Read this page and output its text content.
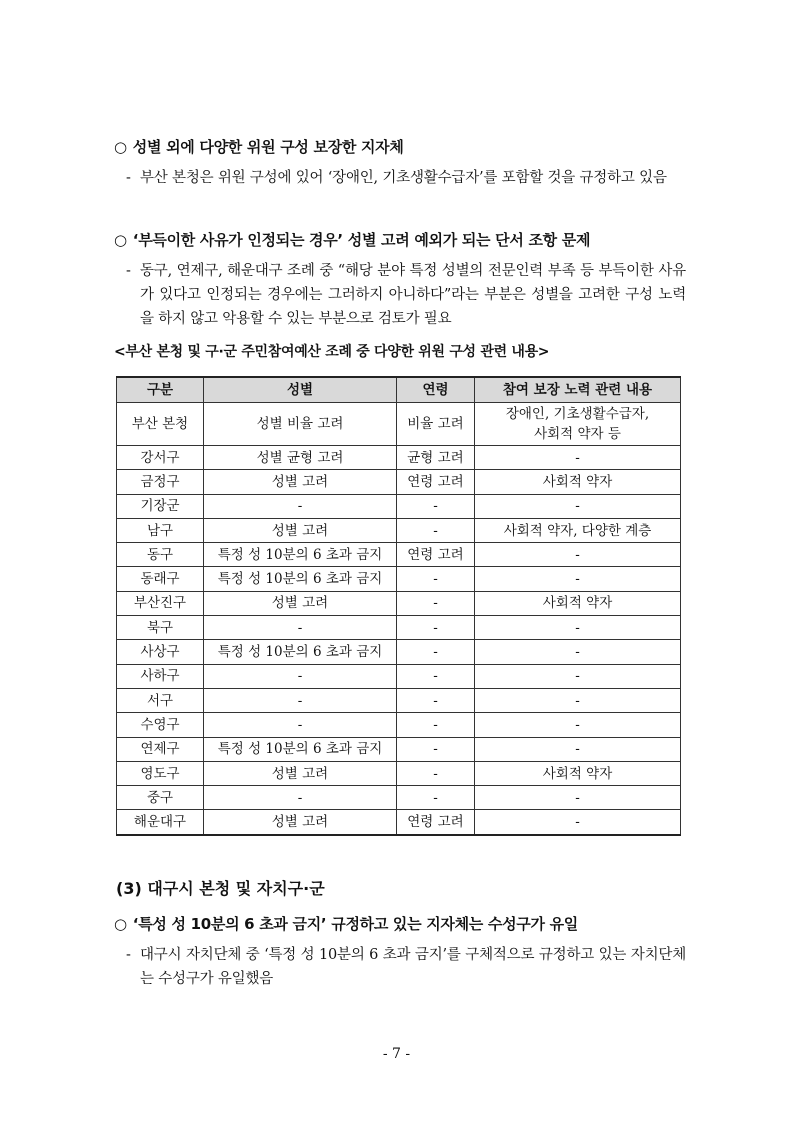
○ 성별 외에 다양한 위원 구성 보장한 지자체
- 부산 본청은 위원 구성에 있어 ‘장애인, 기초생활수급자’를 포함할 것을 규정하고 있음
○ ‘부득이한 사유가 인정되는 경우’ 성별 고려 예외가 되는 단서 조항 문제
- 동구, 연제구, 해운대구 조례 중 “해당 분야 특정 성별의 전문인력 부족 등 부득이한 사유가 있다고 인정되는 경우에는 그러하지 아니하다”라는 부분은 성별을 고려한 구성 노력을 하지 않고 악용할 수 있는 부분으로 검토가 필요
<부산 본청 및 구·군 주민참여예산 조례 중 다양한 위원 구성 관련 내용>
구분	성별	연령	참여 보장 노력 관련 내용
부산 본청	성별 비율 고려	비율 고려	장애인, 기초생활수급자, 사회적 약자 등
강서구	성별 균형 고려	균형 고려	-
금정구	성별 고려	연령 고려	사회적 약자
기장군	-	-	-
남구	성별 고려	-	사회적 약자, 다양한 계층
동구	특정 성 10분의 6 초과 금지	연령 고려	-
동래구	특정 성 10분의 6 초과 금지	-	-
부산진구	성별 고려	-	사회적 약자
북구	-	-	-
사상구	특정 성 10분의 6 초과 금지	-	-
사하구	-	-	-
서구	-	-	-
수영구	-	-	-
연제구	특정 성 10분의 6 초과 금지	-	-
영도구	성별 고려	-	사회적 약자
중구	-	-	-
해운대구	성별 고려	연령 고려	-
(3) 대구시 본청 및 자치구·군
○ ‘특성 성 10분의 6 초과 금지’ 규정하고 있는 지자체는 수성구가 유일
- 대구시 자치단체 중 ‘특정 성 10분의 6 초과 금지’를 구체적으로 규정하고 있는 자치단체는 수성구가 유일했음
- 7 -
